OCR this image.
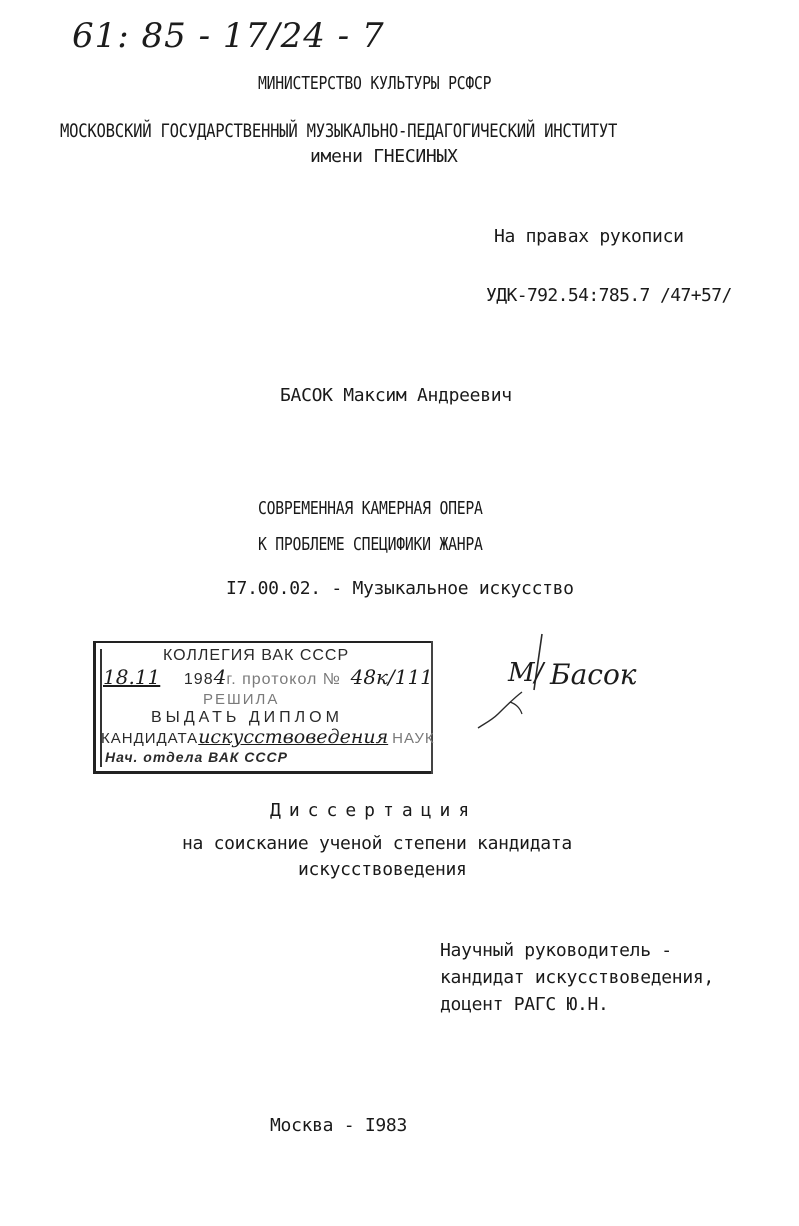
61: 85 - 17/24 - 7
МИНИСТЕРСТВО КУЛЬТУРЫ РСФСР
МОСКОВСКИЙ ГОСУДАРСТВЕННЫЙ МУЗЫКАЛЬНО-ПЕДАГОГИЧЕСКИЙ ИНСТИТУТ
имени ГНЕСИНЫХ
На правах рукописи
УДК-792.54:785.7 /47+57/
БАСОК Максим Андреевич
СОВРЕМЕННАЯ КАМЕРНАЯ ОПЕРА
К ПРОБЛЕМЕ СПЕЦИФИКИ ЖАНРА
I7.00.02. - Музыкальное искусство
КОЛЛЕГИЯ ВАК СССР
18.11 1984г. протокол № 48к/111
РЕШИЛА
ВЫДАТЬ ДИПЛОМ
КАНДИДАТАискусствоведения НАУК
Нач. отдела ВАК СССР
М/ Басок
Диссертация
на соискание ученой степени кандидата
искусствоведения
Научный руководитель -
кандидат искусствоведения,
доцент РАГС Ю.Н.
Москва - I983
